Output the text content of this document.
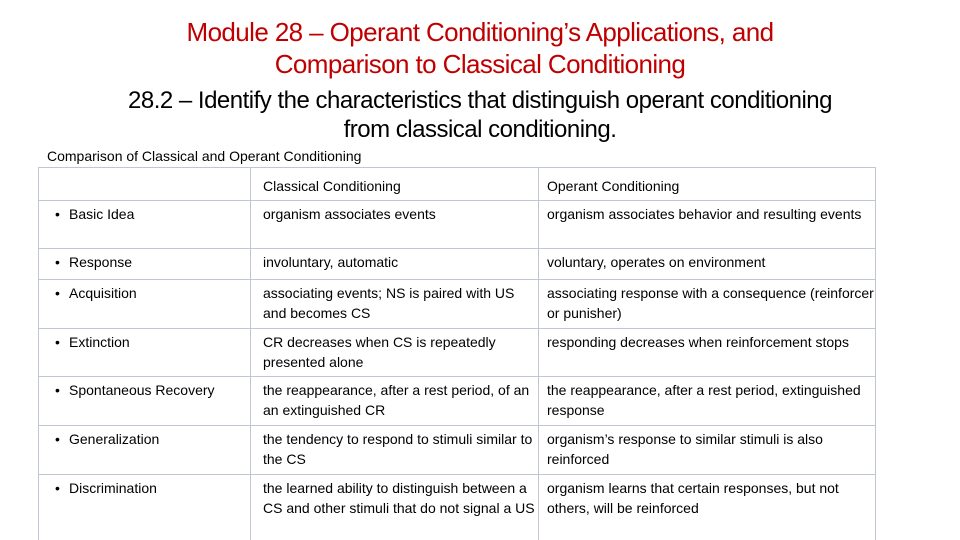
Module 28 – Operant Conditioning’s Applications, and
Comparison to Classical Conditioning
28.2 – Identify the characteristics that distinguish operant conditioning
from classical conditioning.
Comparison of Classical and Operant Conditioning
	Classical Conditioning	Operant Conditioning
• Basic Idea	organism associates events	organism associates behavior and resulting events
• Response	involuntary, automatic	voluntary, operates on environment
• Acquisition	associating events; NS is paired with US and becomes CS	associating response with a consequence (reinforcer or punisher)
• Extinction	CR decreases when CS is repeatedly presented alone	responding decreases when reinforcement stops
• Spontaneous Recovery	the reappearance, after a rest period, of an an extinguished CR	the reappearance, after a rest period, extinguished response
• Generalization	the tendency to respond to stimuli similar to the CS	organism’s response to similar stimuli is also reinforced
• Discrimination	the learned ability to distinguish between a CS and other stimuli that do not signal a US	organism learns that certain responses, but not others, will be reinforced
